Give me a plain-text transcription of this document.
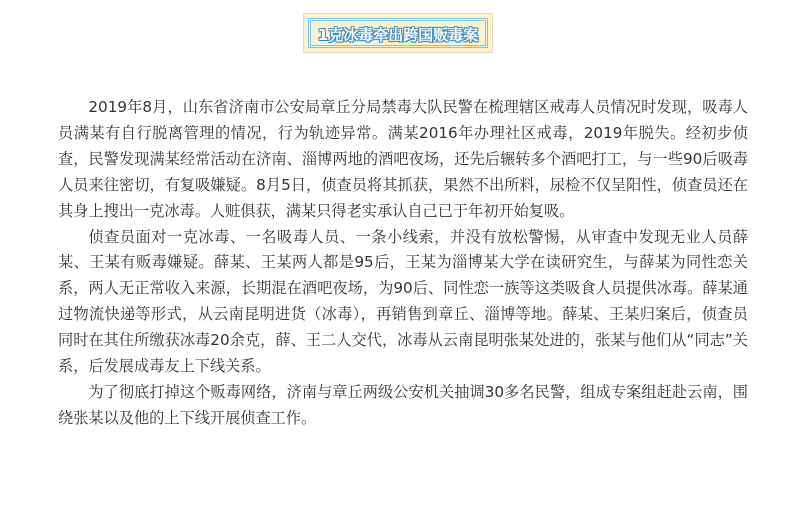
1克冰毒牵出跨国贩毒案

2019年8月，山东省济南市公安局章丘分局禁毒大队民警在梳理辖区戒毒人员情况时发现，吸毒人员满某有自行脱离管理的情况，行为轨迹异常。满某2016年办理社区戒毒，2019年脱失。经初步侦查，民警发现满某经常活动在济南、淄博两地的酒吧夜场，还先后辗转多个酒吧打工，与一些90后吸毒人员来往密切，有复吸嫌疑。8月5日，侦查员将其抓获，果然不出所料，尿检不仅呈阳性，侦查员还在其身上搜出一克冰毒。人赃俱获，满某只得老实承认自己已于年初开始复吸。

侦查员面对一克冰毒、一名吸毒人员、一条小线索，并没有放松警惕，从审查中发现无业人员薛某、王某有贩毒嫌疑。薛某、王某两人都是95后，王某为淄博某大学在读研究生，与薛某为同性恋关系，两人无正常收入来源，长期混在酒吧夜场，为90后、同性恋一族等这类吸食人员提供冰毒。薛某通过物流快递等形式，从云南昆明进货（冰毒），再销售到章丘、淄博等地。薛某、王某归案后，侦查员同时在其住所缴获冰毒20余克，薛、王二人交代，冰毒从云南昆明张某处进的，张某与他们从“同志”关系，后发展成毒友上下线关系。

为了彻底打掉这个贩毒网络，济南与章丘两级公安机关抽调30多名民警，组成专案组赶赴云南，围绕张某以及他的上下线开展侦查工作。
